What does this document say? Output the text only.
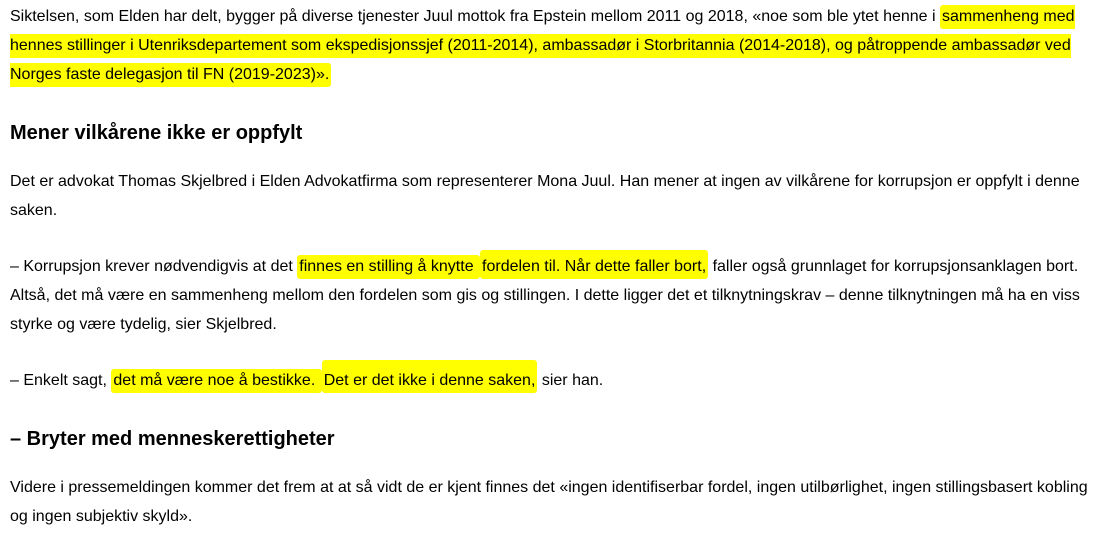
Siktelsen, som Elden har delt, bygger på diverse tjenester Juul mottok fra Epstein mellom 2011 og 2018, «noe som ble ytet henne i sammenheng med hennes stillinger i Utenriksdepartement som ekspedisjonssjef (2011-2014), ambassadør i Storbritannia (2014-2018), og påtroppende ambassadør ved Norges faste delegasjon til FN (2019-2023)».

Mener vilkårene ikke er oppfylt

Det er advokat Thomas Skjelbred i Elden Advokatfirma som representerer Mona Juul. Han mener at ingen av vilkårene for korrupsjon er oppfylt i denne saken.

– Korrupsjon krever nødvendigvis at det finnes en stilling å knytte fordelen til. Når dette faller bort, faller også grunnlaget for korrupsjonsanklagen bort. Altså, det må være en sammenheng mellom den fordelen som gis og stillingen. I dette ligger det et tilknytningskrav – denne tilknytningen må ha en viss styrke og være tydelig, sier Skjelbred.

– Enkelt sagt, det må være noe å bestikke. Det er det ikke i denne saken, sier han.

– Bryter med menneskerettigheter

Videre i pressemeldingen kommer det frem at at så vidt de er kjent finnes det «ingen identifiserbar fordel, ingen utilbørlighet, ingen stillingsbasert kobling og ingen subjektiv skyld».
